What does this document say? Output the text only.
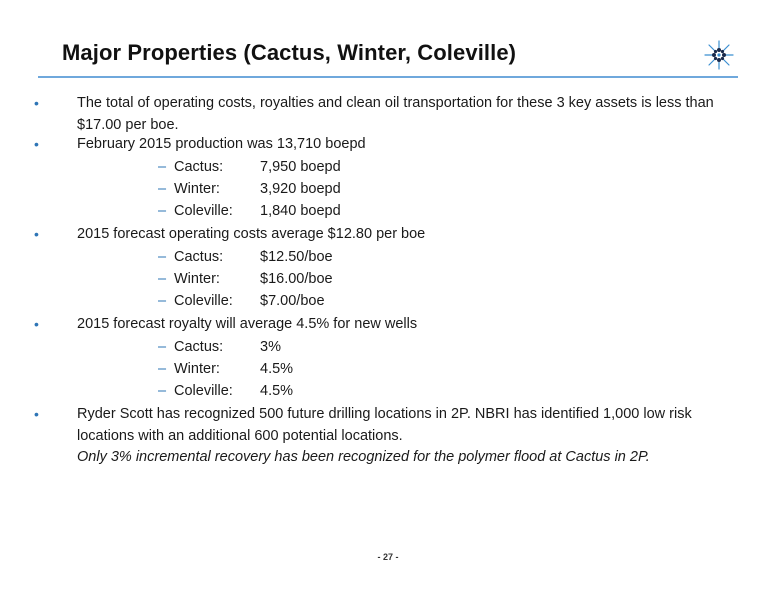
Major Properties (Cactus, Winter, Coleville)
•	The total of operating costs, royalties and clean oil transportation for these 3 key assets is less than $17.00 per boe.
•	February 2015 production was 13,710 boepd
– Cactus:	7,950 boepd
– Winter:	3,920 boepd
– Coleville: 1,840 boepd
•	2015 forecast operating costs average $12.80 per boe
– Cactus:	$12.50/boe
– Winter:	$16.00/boe
– Coleville: $7.00/boe
•	2015 forecast royalty will average 4.5% for new wells
– Cactus:	3%
– Winter:	4.5%
– Coleville: 4.5%
•	Ryder Scott has recognized 500 future drilling locations in 2P. NBRI has identified 1,000 low risk locations with an additional 600 potential locations.
Only 3% incremental recovery has been recognized for the polymer flood at Cactus in 2P.
- 27 -
